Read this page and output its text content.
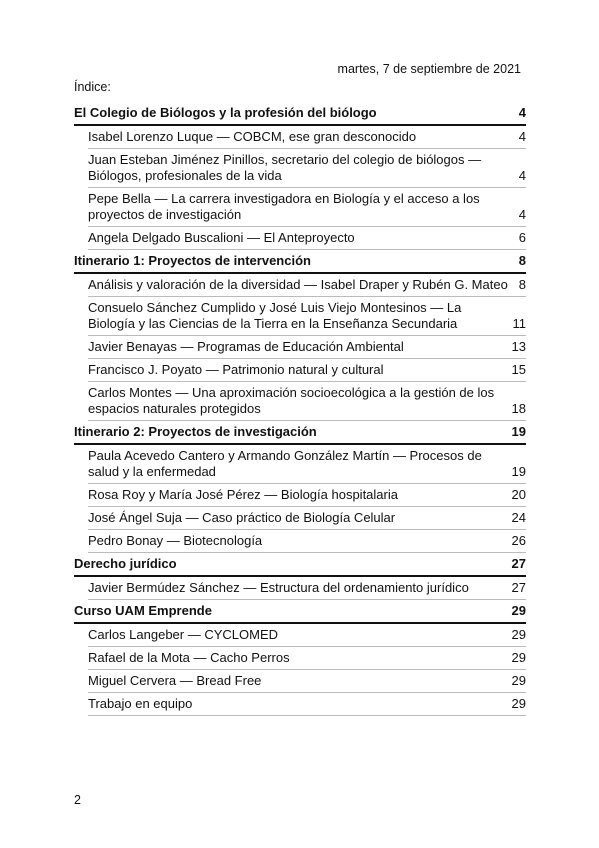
martes, 7 de septiembre de 2021
Índice:
El Colegio de Biólogos y la profesión del biólogo	4
Isabel Lorenzo Luque — COBCM, ese gran desconocido	4
Juan Esteban Jiménez Pinillos, secretario del colegio de biólogos — Biólogos, profesionales de la vida	4
Pepe Bella — La carrera investigadora en Biología y el acceso a los proyectos de investigación	4
Angela Delgado Buscalioni — El Anteproyecto	6
Itinerario 1: Proyectos de intervención	8
Análisis y valoración de la diversidad — Isabel Draper y Rubén G. Mateo 8
Consuelo Sánchez Cumplido y José Luis Viejo Montesinos — La Biología y las Ciencias de la Tierra en la Enseñanza Secundaria	11
Javier Benayas — Programas de Educación Ambiental	13
Francisco J. Poyato — Patrimonio natural y cultural	15
Carlos Montes — Una aproximación socioecológica a la gestión de los espacios naturales protegidos	18
Itinerario 2: Proyectos de investigación	19
Paula Acevedo Cantero y Armando González Martín — Procesos de salud y la enfermedad	19
Rosa Roy y María José Pérez — Biología hospitalaria	20
José Ángel Suja — Caso práctico de Biología Celular	24
Pedro Bonay — Biotecnología	26
Derecho jurídico	27
Javier Bermúdez Sánchez — Estructura del ordenamiento jurídico	27
Curso UAM Emprende	29
Carlos Langeber — CYCLOMED	29
Rafael de la Mota — Cacho Perros	29
Miguel Cervera — Bread Free	29
Trabajo en equipo	29
2
